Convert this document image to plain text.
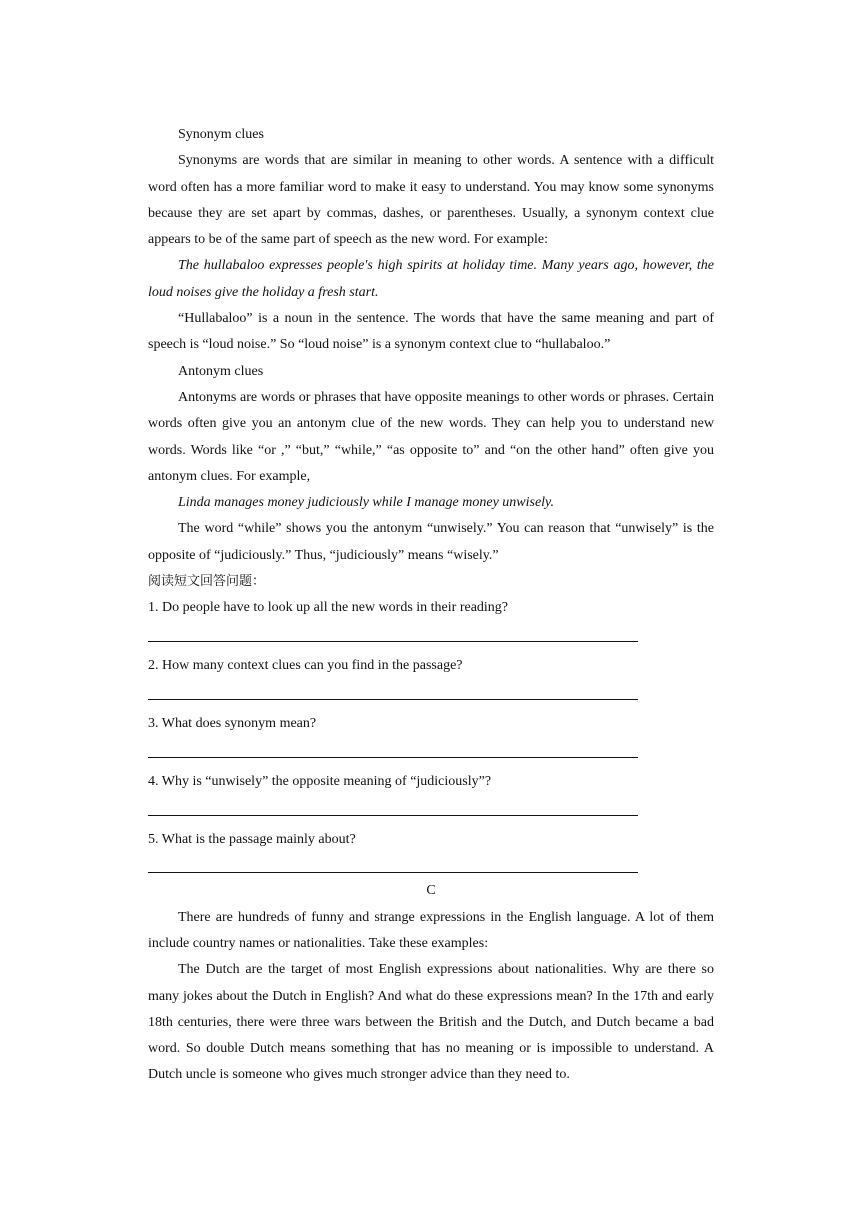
Synonym clues

Synonyms are words that are similar in meaning to other words. A sentence with a difficult word often has a more familiar word to make it easy to understand. You may know some synonyms because they are set apart by commas, dashes, or parentheses. Usually, a synonym context clue appears to be of the same part of speech as the new word. For example:

The hullabaloo expresses people's high spirits at holiday time. Many years ago, however, the loud noises give the holiday a fresh start.

“Hullabaloo” is a noun in the sentence. The words that have the same meaning and part of speech is “loud noise.” So “loud noise” is a synonym context clue to “hullabaloo.”

Antonym clues

Antonyms are words or phrases that have opposite meanings to other words or phrases. Certain words often give you an antonym clue of the new words. They can help you to understand new words. Words like “or ,” “but,” “while,” “as opposite to” and “on the other hand” often give you antonym clues. For example,

Linda manages money judiciously while I manage money unwisely.

The word “while” shows you the antonym “unwisely.” You can reason that “unwisely” is the opposite of “judiciously.” Thus, “judiciously” means “wisely.”

阅读短文回答问题：

1. Do people have to look up all the new words in their reading?

2. How many context clues can you find in the passage?

3. What does synonym mean?

4. Why is “unwisely” the opposite meaning of “judiciously”?

5. What is the passage mainly about?

C

There are hundreds of funny and strange expressions in the English language. A lot of them include country names or nationalities. Take these examples:

The Dutch are the target of most English expressions about nationalities. Why are there so many jokes about the Dutch in English? And what do these expressions mean? In the 17th and early 18th centuries, there were three wars between the British and the Dutch, and Dutch became a bad word. So double Dutch means something that has no meaning or is impossible to understand. A Dutch uncle is someone who gives much stronger advice than they need to.
